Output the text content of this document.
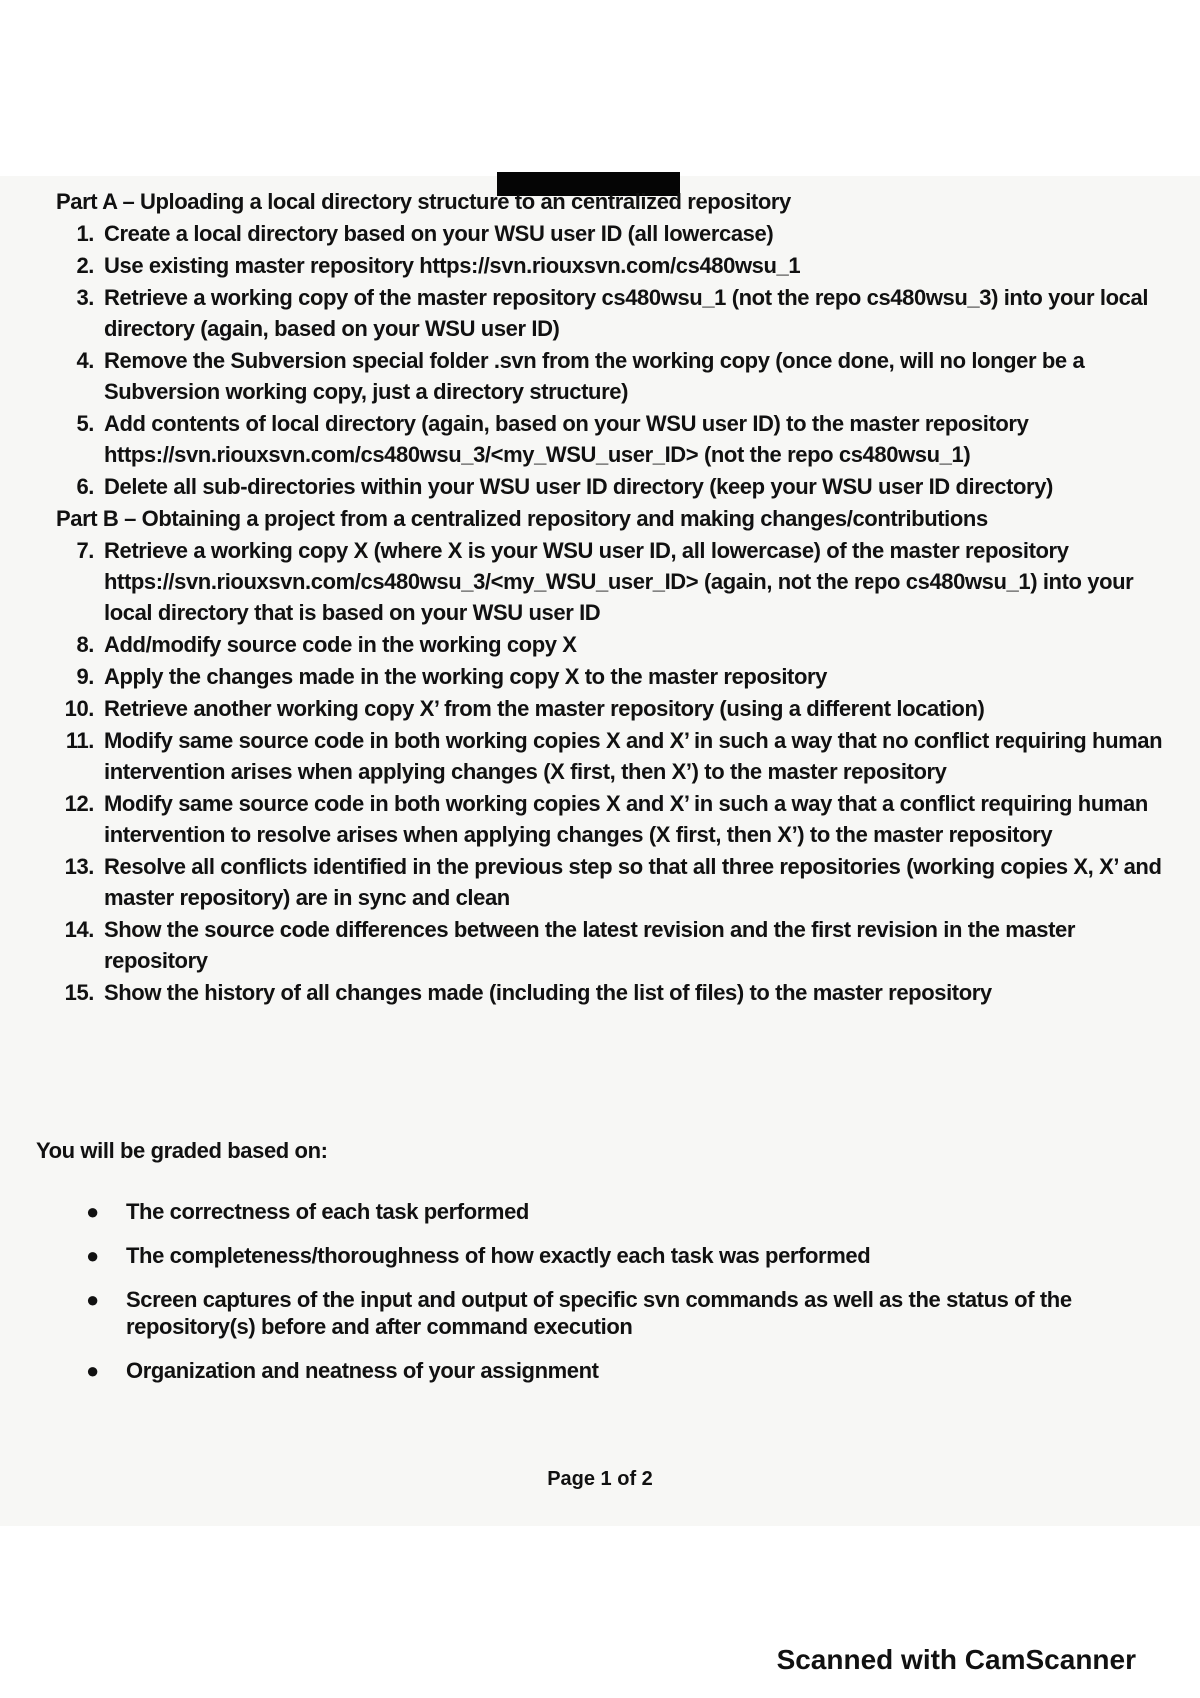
Part A – Uploading a local directory structure to an centralized repository
1. Create a local directory based on your WSU user ID (all lowercase)
2. Use existing master repository https://svn.riouxsvn.com/cs480wsu_1
3. Retrieve a working copy of the master repository cs480wsu_1 (not the repo cs480wsu_3) into your local directory (again, based on your WSU user ID)
4. Remove the Subversion special folder .svn from the working copy (once done, will no longer be a Subversion working copy, just a directory structure)
5. Add contents of local directory (again, based on your WSU user ID) to the master repository https://svn.riouxsvn.com/cs480wsu_3/<my_WSU_user_ID> (not the repo cs480wsu_1)
6. Delete all sub-directories within your WSU user ID directory (keep your WSU user ID directory)
Part B – Obtaining a project from a centralized repository and making changes/contributions
7. Retrieve a working copy X (where X is your WSU user ID, all lowercase) of the master repository https://svn.riouxsvn.com/cs480wsu_3/<my_WSU_user_ID> (again, not the repo cs480wsu_1) into your local directory that is based on your WSU user ID
8. Add/modify source code in the working copy X
9. Apply the changes made in the working copy X to the master repository
10. Retrieve another working copy X’ from the master repository (using a different location)
11. Modify same source code in both working copies X and X’ in such a way that no conflict requiring human intervention arises when applying changes (X first, then X’) to the master repository
12. Modify same source code in both working copies X and X’ in such a way that a conflict requiring human intervention to resolve arises when applying changes (X first, then X’) to the master repository
13. Resolve all conflicts identified in the previous step so that all three repositories (working copies X, X’ and master repository) are in sync and clean
14. Show the source code differences between the latest revision and the first revision in the master repository
15. Show the history of all changes made (including the list of files) to the master repository
You will be graded based on:
● The correctness of each task performed
● The completeness/thoroughness of how exactly each task was performed
● Screen captures of the input and output of specific svn commands as well as the status of the repository(s) before and after command execution
● Organization and neatness of your assignment
Page 1 of 2
Scanned with CamScanner
